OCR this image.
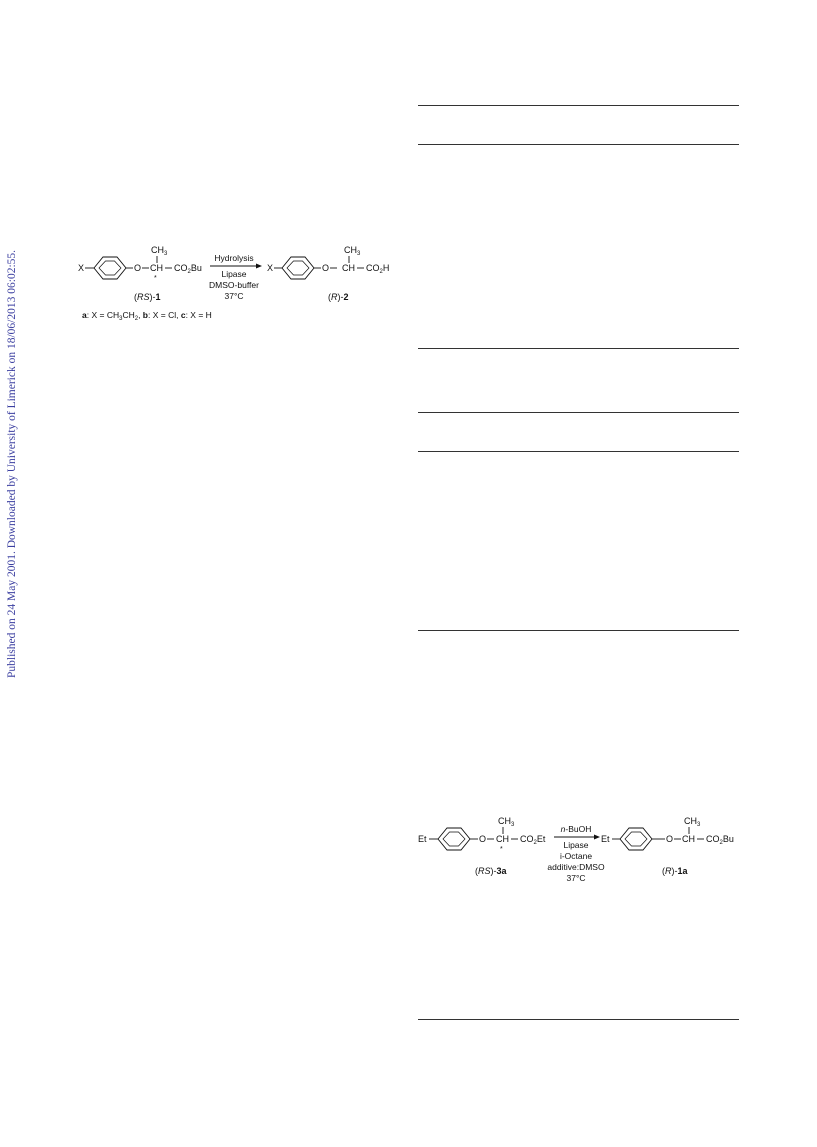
Published on 24 May 2001. Downloaded by University of Limerick on 18/06/2013 06:02:55.	X	O
$CH_3$
CH
*
$CO_2Bu$
Hydrolysis
Lipase
DMSO-buffer
37°C
X	O
$CH_3$
CH $CO_2H$
(RS)-1	(R)-2
a: $X = CH_3CH_2$, b: X = Cl, c: X = H
Et	O
$CH_3$
CH
*
$CO_2Et$
n-BuOH
Lipase
i-Octane
additive:DMSO
37°C
Et	O
$CH_3$
CH $CO_2Bu$
(RS)-3a	(R)-1a
